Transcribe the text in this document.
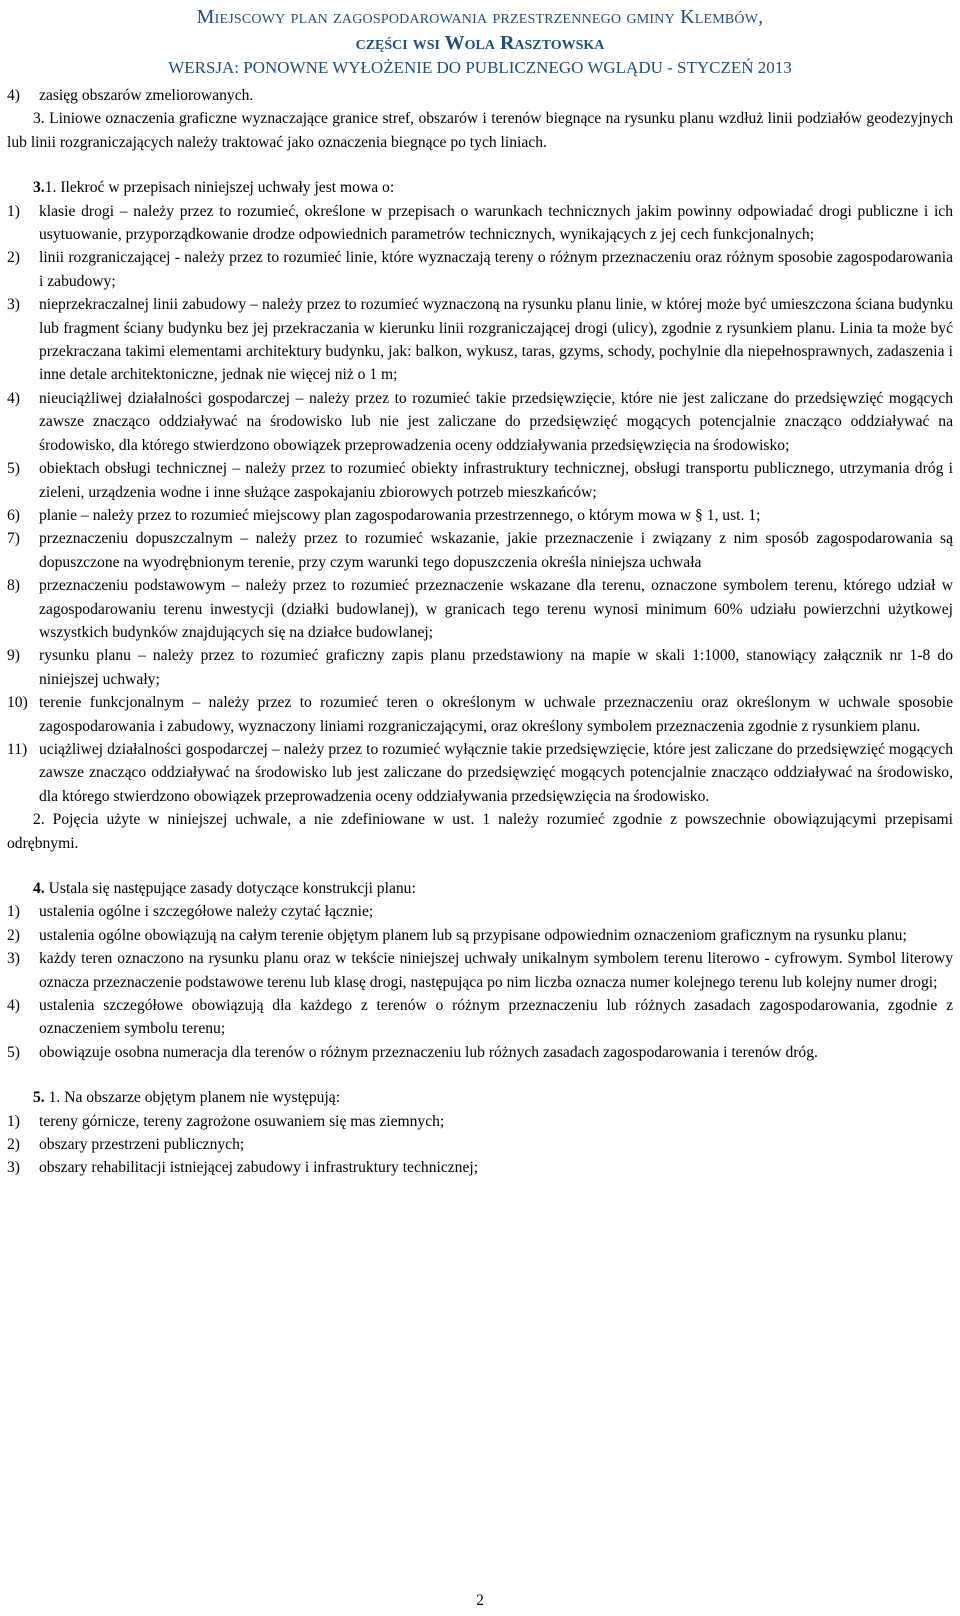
Miejscowy plan zagospodarowania przestrzennego gminy Klembów,
części wsi Wola Rasztowska
WERSJA: PONOWNE WYŁOŻENIE DO PUBLICZNEGO WGLĄDU - STYCZEŃ 2013
4) zasięg obszarów zmeliorowanych.
3. Liniowe oznaczenia graficzne wyznaczające granice stref, obszarów i terenów biegnące na rysunku planu wzdłuż linii podziałów geodezyjnych lub linii rozgraniczających należy traktować jako oznaczenia biegnące po tych liniach.
3.1. Ilekroć w przepisach niniejszej uchwały jest mowa o:
1) klasie drogi – należy przez to rozumieć, określone w przepisach o warunkach technicznych jakim powinny odpowiadać drogi publiczne i ich usytuowanie, przyporządkowanie drodze odpowiednich parametrów technicznych, wynikających z jej cech funkcjonalnych;
2) linii rozgraniczającej - należy przez to rozumieć linie, które wyznaczają tereny o różnym przeznaczeniu oraz różnym sposobie zagospodarowania i zabudowy;
3) nieprzekraczalnej linii zabudowy – należy przez to rozumieć wyznaczoną na rysunku planu linie, w której może być umieszczona ściana budynku lub fragment ściany budynku bez jej przekraczania w kierunku linii rozgraniczającej drogi (ulicy), zgodnie z rysunkiem planu. Linia ta może być przekraczana takimi elementami architektury budynku, jak: balkon, wykusz, taras, gzyms, schody, pochylnie dla niepełnosprawnych, zadaszenia i inne detale architektoniczne, jednak nie więcej niż o 1 m;
4) nieuciążliwej działalności gospodarczej – należy przez to rozumieć takie przedsięwzięcie, które nie jest zaliczane do przedsięwzięć mogących zawsze znacząco oddziaływać na środowisko lub nie jest zaliczane do przedsięwzięć mogących potencjalnie znacząco oddziaływać na środowisko, dla którego stwierdzono obowiązek przeprowadzenia oceny oddziaływania przedsięwzięcia na środowisko;
5) obiektach obsługi technicznej – należy przez to rozumieć obiekty infrastruktury technicznej, obsługi transportu publicznego, utrzymania dróg i zieleni, urządzenia wodne i inne służące zaspokajaniu zbiorowych potrzeb mieszkańców;
6) planie – należy przez to rozumieć miejscowy plan zagospodarowania przestrzennego, o którym mowa w § 1, ust. 1;
7) przeznaczeniu dopuszczalnym – należy przez to rozumieć wskazanie, jakie przeznaczenie i związany z nim sposób zagospodarowania są dopuszczone na wyodrębnionym terenie, przy czym warunki tego dopuszczenia określa niniejsza uchwała
8) przeznaczeniu podstawowym – należy przez to rozumieć przeznaczenie wskazane dla terenu, oznaczone symbolem terenu, którego udział w zagospodarowaniu terenu inwestycji (działki budowlanej), w granicach tego terenu wynosi minimum 60% udziału powierzchni użytkowej wszystkich budynków znajdujących się na działce budowlanej;
9) rysunku planu – należy przez to rozumieć graficzny zapis planu przedstawiony na mapie w skali 1:1000, stanowiący załącznik nr 1-8 do niniejszej uchwały;
10) terenie funkcjonalnym – należy przez to rozumieć teren o określonym w uchwale przeznaczeniu oraz określonym w uchwale sposobie zagospodarowania i zabudowy, wyznaczony liniami rozgraniczającymi, oraz określony symbolem przeznaczenia zgodnie z rysunkiem planu.
11) uciążliwej działalności gospodarczej – należy przez to rozumieć wyłącznie takie przedsięwzięcie, które jest zaliczane do przedsięwzięć mogących zawsze znacząco oddziaływać na środowisko lub jest zaliczane do przedsięwzięć mogących potencjalnie znacząco oddziaływać na środowisko, dla którego stwierdzono obowiązek przeprowadzenia oceny oddziaływania przedsięwzięcia na środowisko.
2. Pojęcia użyte w niniejszej uchwale, a nie zdefiniowane w ust. 1 należy rozumieć zgodnie z powszechnie obowiązującymi przepisami odrębnymi.
4. Ustala się następujące zasady dotyczące konstrukcji planu:
1) ustalenia ogólne i szczegółowe należy czytać łącznie;
2) ustalenia ogólne obowiązują na całym terenie objętym planem lub są przypisane odpowiednim oznaczeniom graficznym na rysunku planu;
3) każdy teren oznaczono na rysunku planu oraz w tekście niniejszej uchwały unikalnym symbolem terenu literowo - cyfrowym. Symbol literowy oznacza przeznaczenie podstawowe terenu lub klasę drogi, następująca po nim liczba oznacza numer kolejnego terenu lub kolejny numer drogi;
4) ustalenia szczegółowe obowiązują dla każdego z terenów o różnym przeznaczeniu lub różnych zasadach zagospodarowania, zgodnie z oznaczeniem symbolu terenu;
5) obowiązuje osobna numeracja dla terenów o różnym przeznaczeniu lub różnych zasadach zagospodarowania i terenów dróg.
5. 1. Na obszarze objętym planem nie występują:
1) tereny górnicze, tereny zagrożone osuwaniem się mas ziemnych;
2) obszary przestrzeni publicznych;
3) obszary rehabilitacji istniejącej zabudowy i infrastruktury technicznej;
2
